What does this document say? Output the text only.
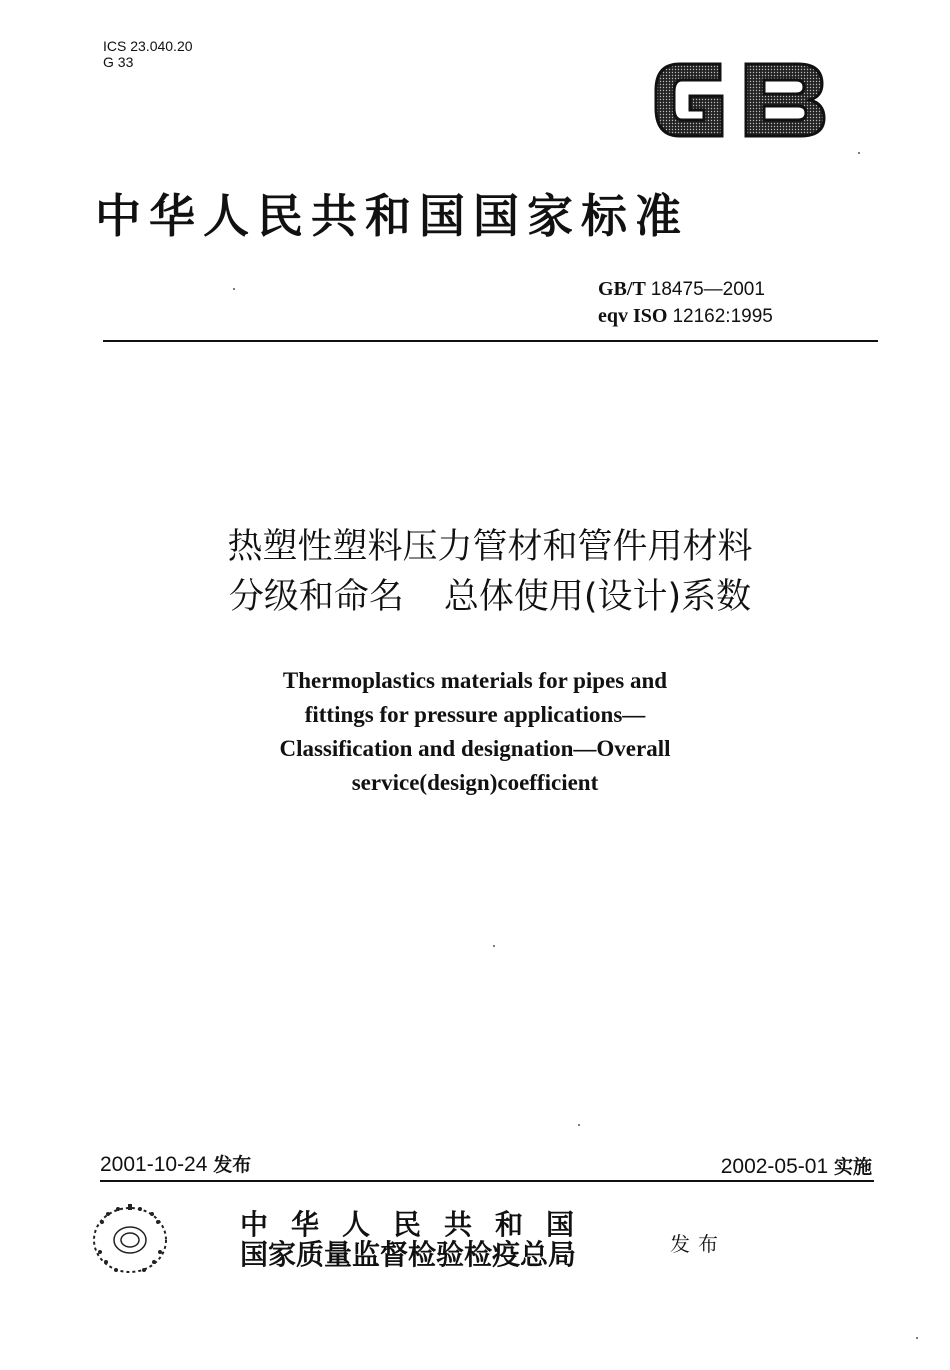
ICS 23.040.20
G 33
中华人民共和国国家标准
GB/T 18475—2001
eqv ISO 12162:1995
热塑性塑料压力管材和管件用材料
分级和命名 总体使用(设计)系数
Thermoplastics materials for pipes and
fittings for pressure applications—
Classification and designation—Overall
service(design)coefficient
2001-10-24 发布	2002-05-01 实施
中华人民共和国
国家质量监督检验检疫总局	发布
